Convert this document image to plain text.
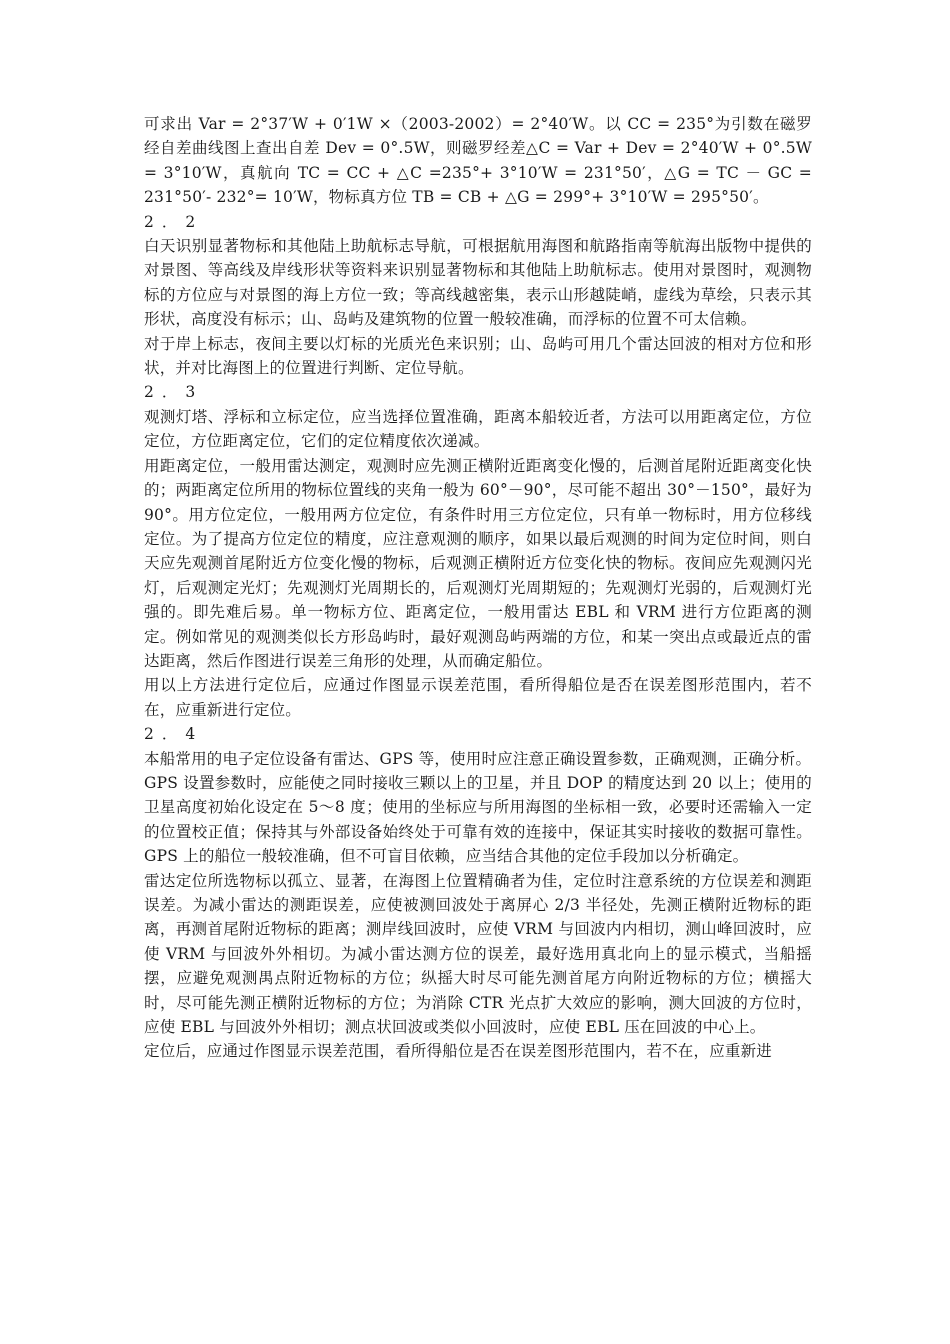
可求出 Var = 2°37′W + 0′1W ×（2003-2002）= 2°40′W。以 CC = 235°为引数在磁罗经自差曲线图上查出自差 Dev = 0°.5W，则磁罗经差△C = Var + Dev = 2°40′W + 0°.5W = 3°10′W，真航向 TC = CC + △C =235°+ 3°10′W = 231°50′，△G = TC － GC = 231°50′- 232°= 10′W，物标真方位 TB = CB + △G = 299°+ 3°10′W = 295°50′。

2．2

白天识别显著物标和其他陆上助航标志导航，可根据航用海图和航路指南等航海出版物中提供的对景图、等高线及岸线形状等资料来识别显著物标和其他陆上助航标志。使用对景图时，观测物标的方位应与对景图的海上方位一致；等高线越密集，表示山形越陡峭，虚线为草绘，只表示其形状，高度没有标示；山、岛屿及建筑物的位置一般较准确，而浮标的位置不可太信赖。

对于岸上标志，夜间主要以灯标的光质光色来识别；山、岛屿可用几个雷达回波的相对方位和形状，并对比海图上的位置进行判断、定位导航。

2．3

观测灯塔、浮标和立标定位，应当选择位置准确，距离本船较近者，方法可以用距离定位，方位定位，方位距离定位，它们的定位精度依次递减。

用距离定位，一般用雷达测定，观测时应先测正横附近距离变化慢的，后测首尾附近距离变化快的；两距离定位所用的物标位置线的夹角一般为 60°－90°，尽可能不超出 30°－150°，最好为 90°。用方位定位，一般用两方位定位，有条件时用三方位定位，只有单一物标时，用方位移线定位。为了提高方位定位的精度，应注意观测的顺序，如果以最后观测的时间为定位时间，则白天应先观测首尾附近方位变化慢的物标，后观测正横附近方位变化快的物标。夜间应先观测闪光灯，后观测定光灯；先观测灯光周期长的，后观测灯光周期短的；先观测灯光弱的，后观测灯光强的。即先难后易。单一物标方位、距离定位，一般用雷达 EBL 和 VRM 进行方位距离的测定。例如常见的观测类似长方形岛屿时，最好观测岛屿两端的方位，和某一突出点或最近点的雷达距离，然后作图进行误差三角形的处理，从而确定船位。

用以上方法进行定位后，应通过作图显示误差范围，看所得船位是否在误差图形范围内，若不在，应重新进行定位。

2．4

本船常用的电子定位设备有雷达、GPS 等，使用时应注意正确设置参数，正确观测，正确分析。

GPS 设置参数时，应能使之同时接收三颗以上的卫星，并且 DOP 的精度达到 20 以上；使用的卫星高度初始化设定在 5～8 度；使用的坐标应与所用海图的坐标相一致，必要时还需输入一定的位置校正值；保持其与外部设备始终处于可靠有效的连接中，保证其实时接收的数据可靠性。GPS 上的船位一般较准确，但不可盲目依赖，应当结合其他的定位手段加以分析确定。

雷达定位所选物标以孤立、显著，在海图上位置精确者为佳，定位时注意系统的方位误差和测距误差。为减小雷达的测距误差，应使被测回波处于离屏心 2/3 半径处，先测正横附近物标的距离，再测首尾附近物标的距离；测岸线回波时，应使 VRM 与回波内内相切，测山峰回波时，应使 VRM 与回波外外相切。为减小雷达测方位的误差，最好选用真北向上的显示模式，当船摇摆，应避免观测禺点附近物标的方位；纵摇大时尽可能先测首尾方向附近物标的方位；横摇大时，尽可能先测正横附近物标的方位；为消除 CTR 光点扩大效应的影响，测大回波的方位时，应使 EBL 与回波外外相切；测点状回波或类似小回波时，应使 EBL 压在回波的中心上。

定位后，应通过作图显示误差范围，看所得船位是否在误差图形范围内，若不在，应重新进
